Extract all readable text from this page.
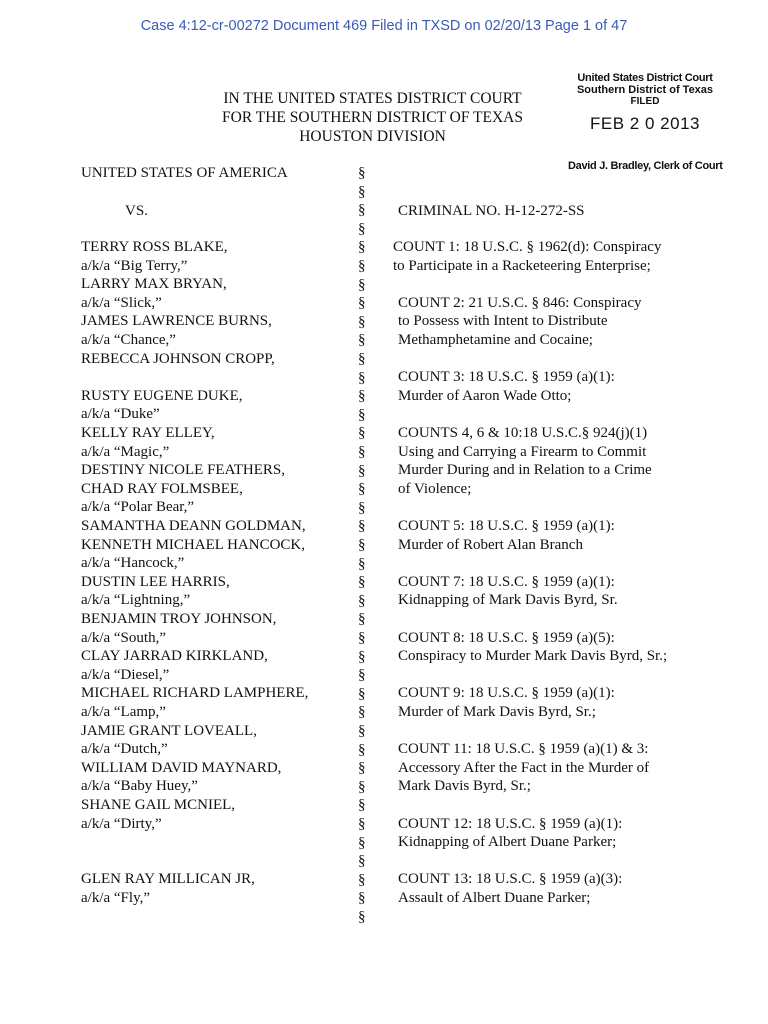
Case 4:12-cr-00272 Document 469 Filed in TXSD on 02/20/13 Page 1 of 47
IN THE UNITED STATES DISTRICT COURT
FOR THE SOUTHERN DISTRICT OF TEXAS
HOUSTON DIVISION
United States District Court
Southern District of Texas
FILED
FEB 2 0 2013
David J. Bradley, Clerk of Court
UNITED STATES OF AMERICA
VS.	CRIMINAL NO. H-12-272-SS
TERRY ROSS BLAKE,
a/k/a “Big Terry,”
LARRY MAX BRYAN,
a/k/a “Slick,”
JAMES LAWRENCE BURNS,
a/k/a “Chance,”
REBECCA JOHNSON CROPP,
RUSTY EUGENE DUKE,
a/k/a “Duke”
KELLY RAY ELLEY,
a/k/a “Magic,”
DESTINY NICOLE FEATHERS,
CHAD RAY FOLMSBEE,
a/k/a “Polar Bear,”
SAMANTHA DEANN GOLDMAN,
KENNETH MICHAEL HANCOCK,
a/k/a “Hancock,”
DUSTIN LEE HARRIS,
a/k/a “Lightning,”
BENJAMIN TROY JOHNSON,
a/k/a “South,”
CLAY JARRAD KIRKLAND,
a/k/a “Diesel,”
MICHAEL RICHARD LAMPHERE,
a/k/a “Lamp,”
JAMIE GRANT LOVEALL,
a/k/a “Dutch,”
WILLIAM DAVID MAYNARD,
a/k/a “Baby Huey,”
SHANE GAIL MCNIEL,
a/k/a “Dirty,”
GLEN RAY MILLICAN JR,
a/k/a “Fly,”
COUNT 1: 18 U.S.C. § 1962(d): Conspiracy
to Participate in a Racketeering Enterprise;
COUNT 2: 21 U.S.C. § 846: Conspiracy
to Possess with Intent to Distribute
Methamphetamine and Cocaine;
COUNT 3: 18 U.S.C. § 1959 (a)(1):
Murder of Aaron Wade Otto;
COUNTS 4, 6 & 10:18 U.S.C.§ 924(j)(1)
Using and Carrying a Firearm to Commit
Murder During and in Relation to a Crime
of Violence;
COUNT 5: 18 U.S.C. § 1959 (a)(1):
Murder of Robert Alan Branch
COUNT 7: 18 U.S.C. § 1959 (a)(1):
Kidnapping of Mark Davis Byrd, Sr.
COUNT 8: 18 U.S.C. § 1959 (a)(5):
Conspiracy to Murder Mark Davis Byrd, Sr.;
COUNT 9: 18 U.S.C. § 1959 (a)(1):
Murder of Mark Davis Byrd, Sr.;
COUNT 11: 18 U.S.C. § 1959 (a)(1) & 3:
Accessory After the Fact in the Murder of
Mark Davis Byrd, Sr.;
COUNT 12: 18 U.S.C. § 1959 (a)(1):
Kidnapping of Albert Duane Parker;
COUNT 13: 18 U.S.C. § 1959 (a)(3):
Assault of Albert Duane Parker;
§
§
§
§
§
§
§
§
§
§
§
§
§
§
§
§
§
§
§
§
§
§
§
§
§
§
§
§
§
§
§
§
§
§
§
§
§
§
§
§
§
